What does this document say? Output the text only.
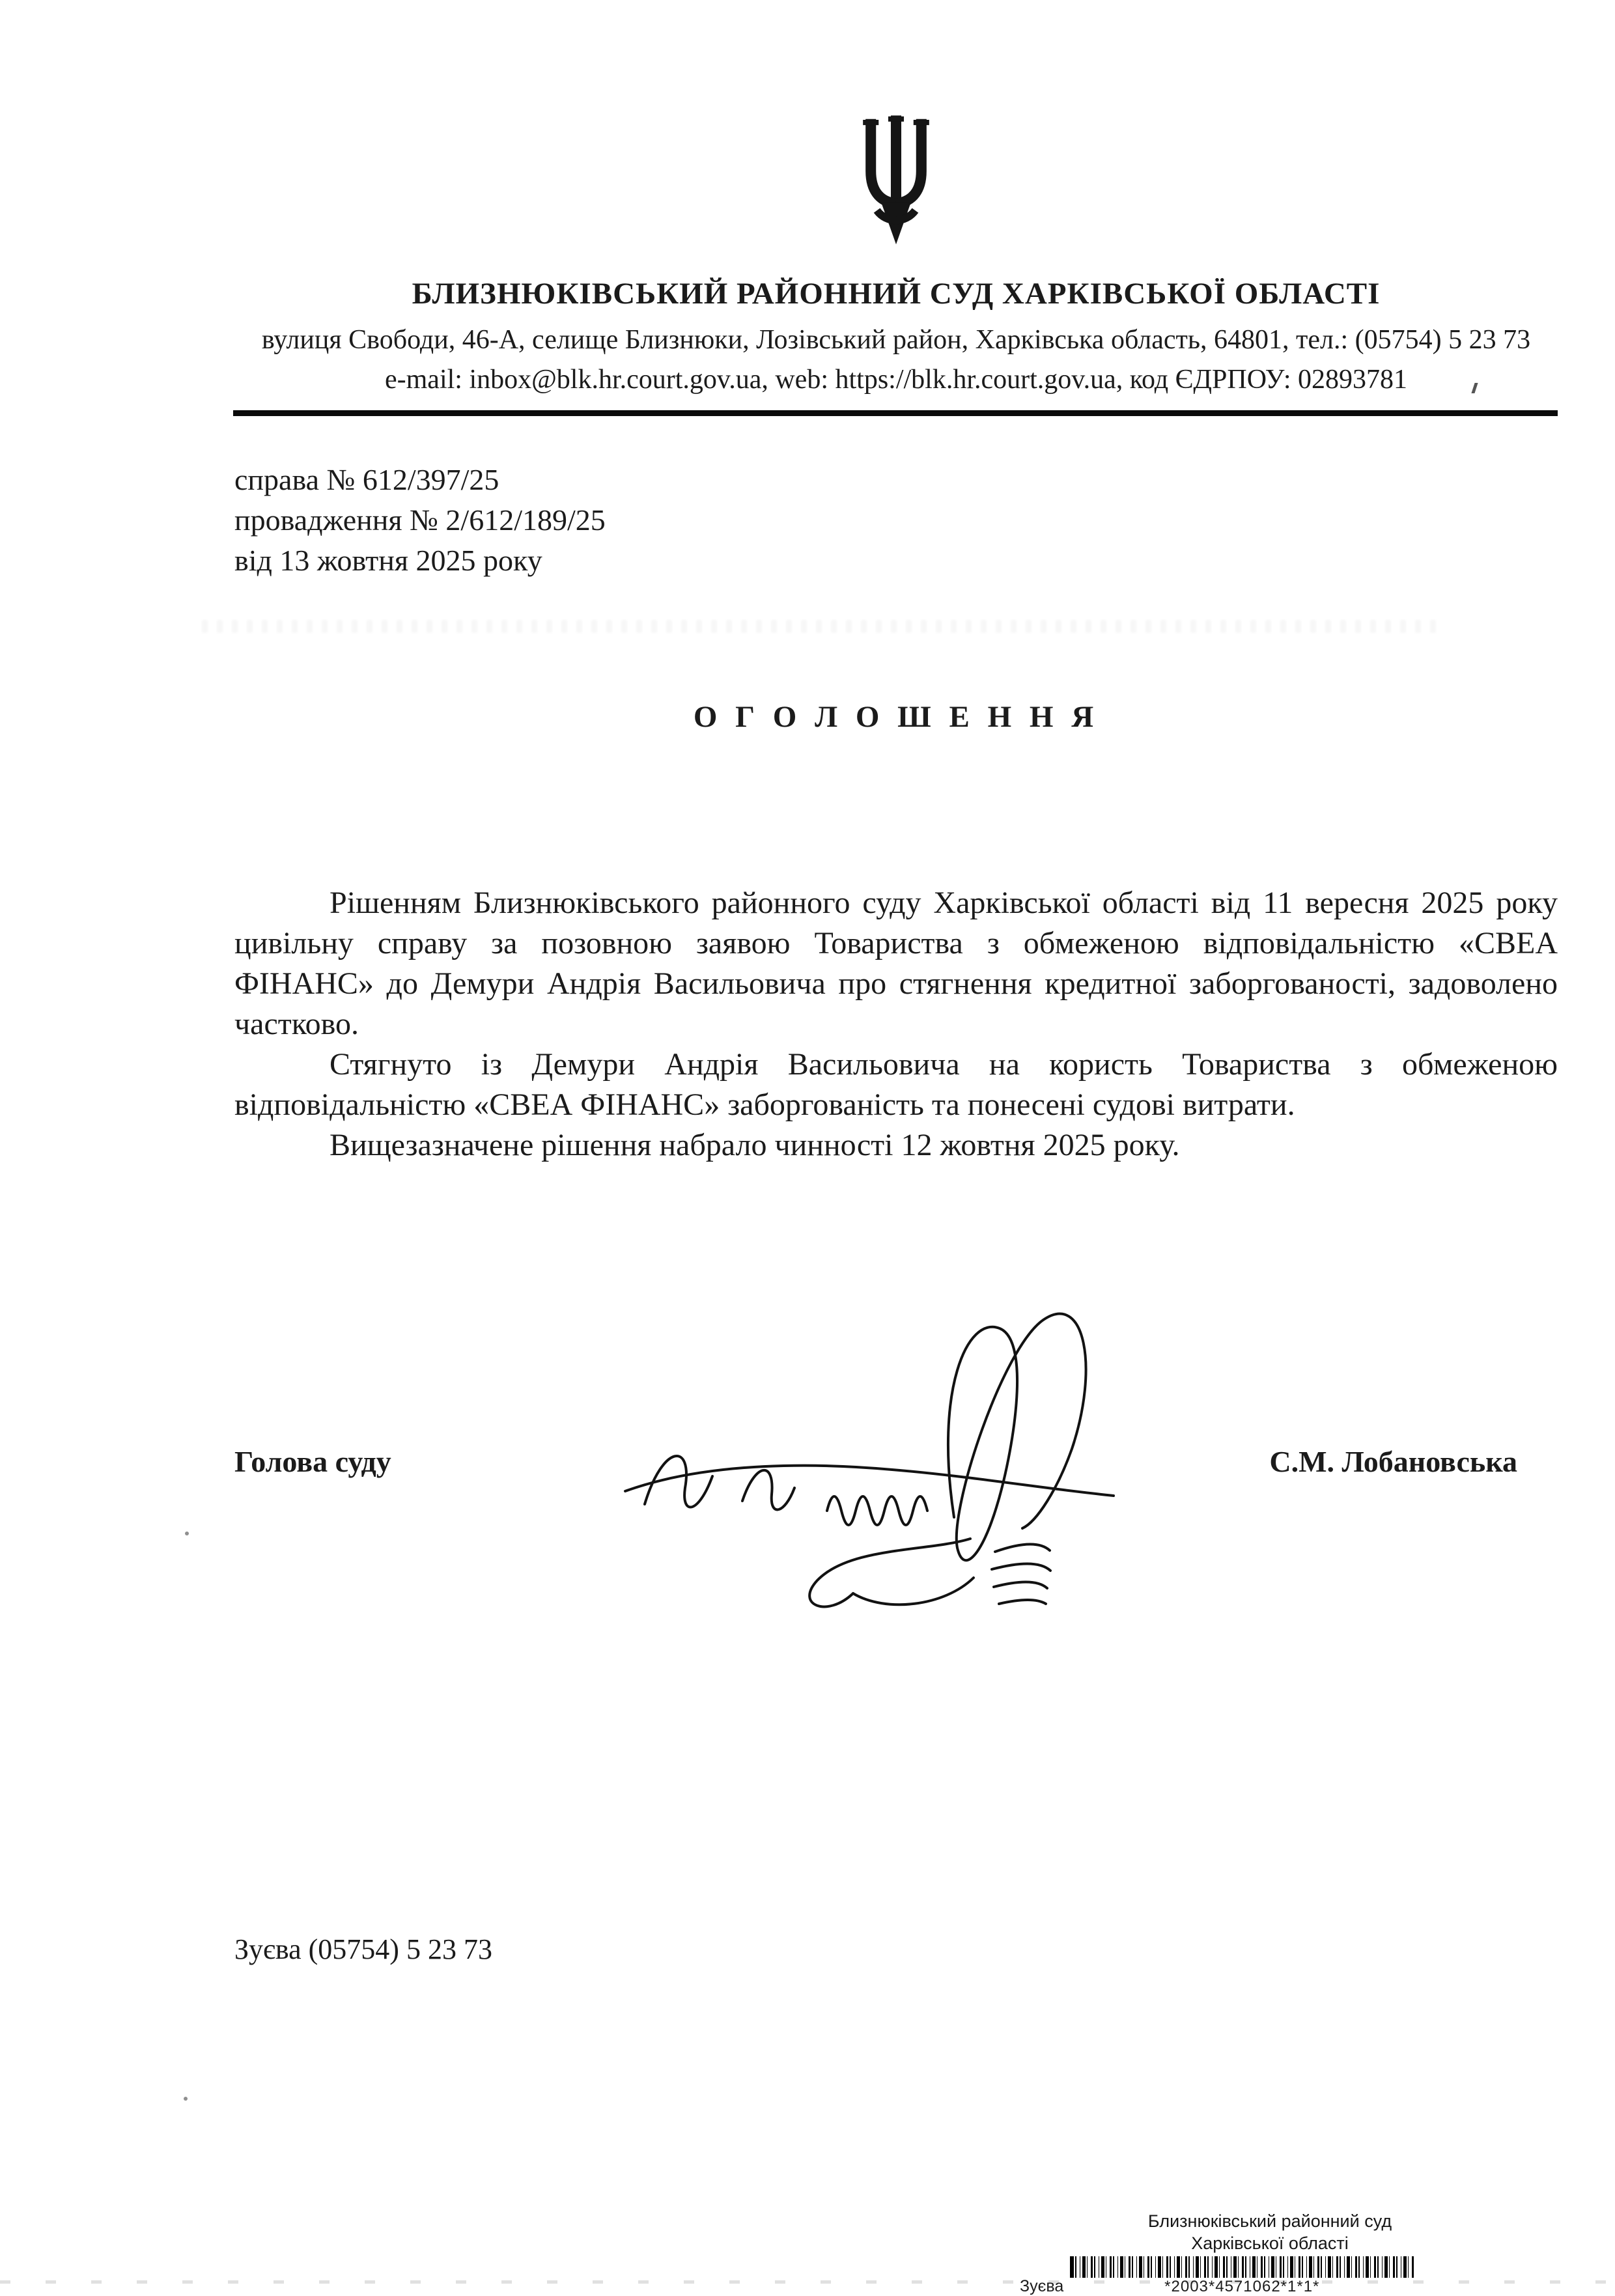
БЛИЗНЮКІВСЬКИЙ РАЙОННИЙ СУД ХАРКІВСЬКОЇ ОБЛАСТІ
вулиця Свободи, 46-А, селище Близнюки, Лозівський район, Харківська область, 64801, тел.: (05754) 5 23 73
e-mail: inbox@blk.hr.court.gov.ua, web: https://blk.hr.court.gov.ua, код ЄДРПОУ: 02893781
справа № 612/397/25
провадження № 2/612/189/25
від 13 жовтня 2025 року
О Г О Л О Ш Е Н Н Я

Рішенням Близнюківського районного суду Харківської області від 11 вересня 2025 року цивільну справу за позовною заявою Товариства з обмеженою відповідальністю «СВЕА ФІНАНС» до Демури Андрія Васильовича про стягнення кредитної заборгованості, задоволено частково.

Стягнуто із Демури Андрія Васильовича на користь Товариства з обмеженою відповідальністю «СВЕА ФІНАНС» заборгованість та понесені судові витрати.

Вищезазначене рішення набрало чинності 12 жовтня 2025 року.

Голова суду	С.М. Лобановська
Зуєва (05754) 5 23 73
Близнюківський районний суд
Харківської області
Зуєва	*2003*4571062*1*1*
